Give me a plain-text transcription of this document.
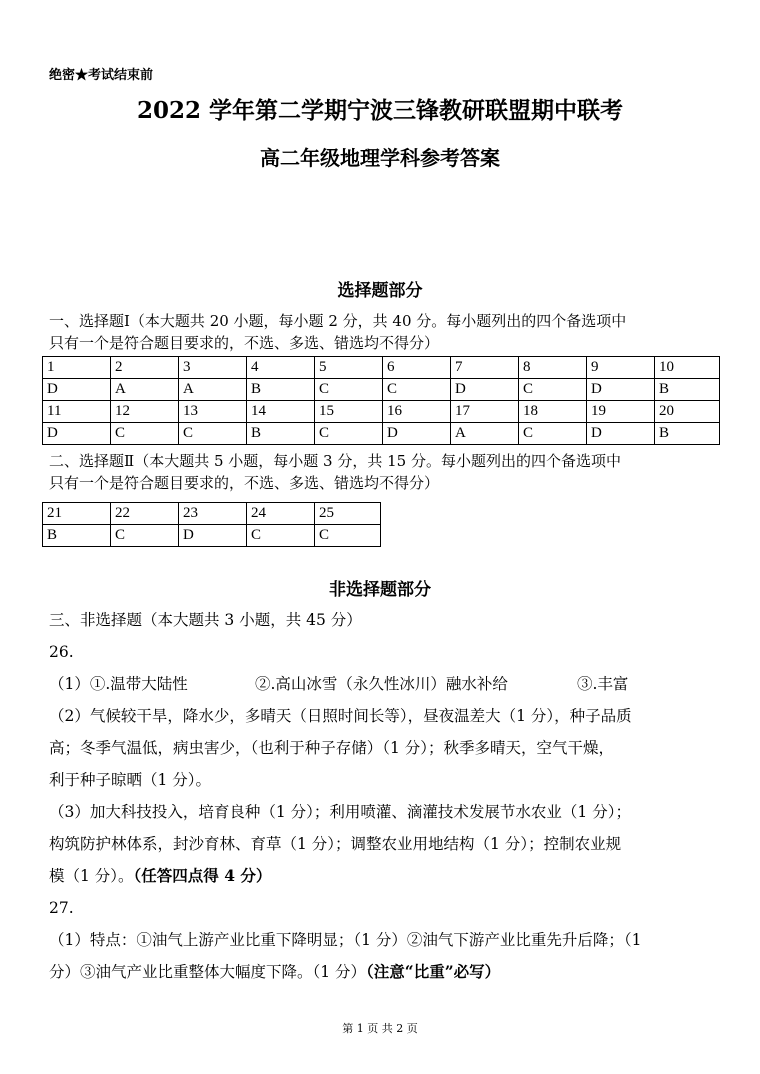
绝密★考试结束前
2022 学年第二学期宁波三锋教研联盟期中联考
高二年级地理学科参考答案
选择题部分
一、选择题Ⅰ（本大题共 20 小题，每小题 2 分，共 40 分。每小题列出的四个备选项中
只有一个是符合题目要求的，不选、多选、错选均不得分）
1	2	3	4	5	6	7	8	9	10
D	A	A	B	C	C	D	C	D	B
11	12	13	14	15	16	17	18	19	20
D	C	C	B	C	D	A	C	D	B
二、选择题Ⅱ（本大题共 5 小题，每小题 3 分，共 15 分。每小题列出的四个备选项中
只有一个是符合题目要求的，不选、多选、错选均不得分）
21	22	23	24	25
B	C	D	C	C
非选择题部分
三、非选择题（本大题共 3 小题，共 45 分）
26.
（1）①.温带大陆性	②.高山冰雪（永久性冰川）融水补给	③.丰富
（2）气候较干旱，降水少，多晴天（日照时间长等），昼夜温差大（1 分），种子品质
高；冬季气温低，病虫害少，（也利于种子存储）（1 分）；秋季多晴天，空气干燥，
利于种子晾晒（1 分）。
（3）加大科技投入，培育良种（1 分）；利用喷灌、滴灌技术发展节水农业（1 分）；
构筑防护林体系，封沙育林、育草（1 分）；调整农业用地结构（1 分）；控制农业规
模（1 分）。（任答四点得 4 分）
27.
（1）特点：①油气上游产业比重下降明显；（1 分）②油气下游产业比重先升后降；（1
分）③油气产业比重整体大幅度下降。（1 分）（注意“比重”必写）
第 1 页 共 2 页
